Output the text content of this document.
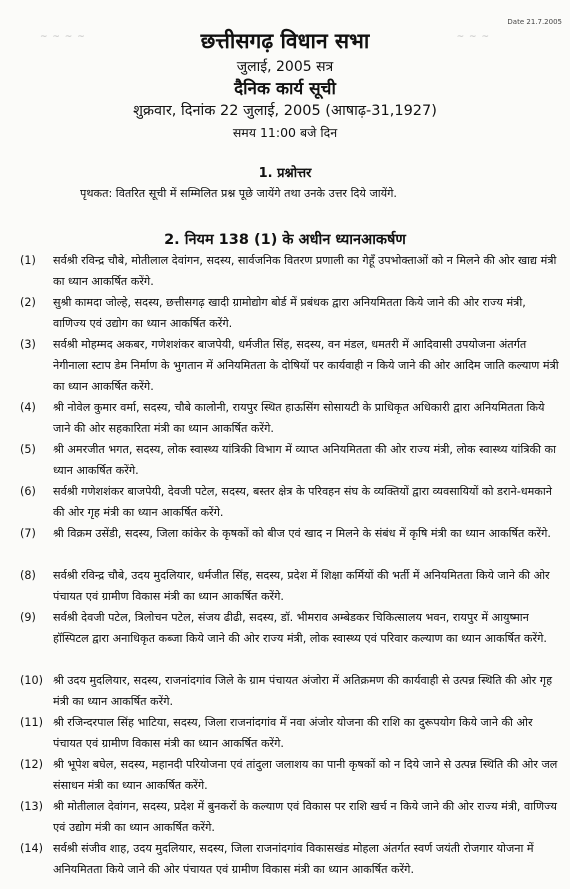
Date 21.7.2005
~ ~ ~ ~	~ ~ ~
छत्तीसगढ़ विधान सभा
जुलाई, 2005 सत्र
दैनिक कार्य सूची
शुक्रवार, दिनांक 22 जुलाई, 2005 (आषाढ़-31,1927)
समय 11:00 बजे दिन
1. प्रश्नोत्तर
पृथकत: वितरित सूची में सम्मिलित प्रश्न पूछे जायेंगे तथा उनके उत्तर दिये जायेंगे.
2. नियम 138 (1) के अधीन ध्यानआकर्षण
(1)	सर्वश्री रविन्द्र चौबे, मोतीलाल देवांगन, सदस्य, सार्वजनिक वितरण प्रणाली का गेहूँ उपभोक्ताओं को न मिलने की ओर खाद्य मंत्री का ध्यान आकर्षित करेंगे.
(2)	सुश्री कामदा जोल्हे, सदस्य, छत्तीसगढ़ खादी ग्रामोद्योग बोर्ड में प्रबंधक द्वारा अनियमितता किये जाने की ओर राज्य मंत्री, वाणिज्य एवं उद्योग का ध्यान आकर्षित करेंगे.
(3)	सर्वश्री मोहम्मद अकबर, गणेशशंकर बाजपेयी, धर्मजीत सिंह, सदस्य, वन मंडल, धमतरी में आदिवासी उपयोजना अंतर्गत नेगीनाला स्टाप डेम निर्माण के भुगतान में अनियमितता के दोषियों पर कार्यवाही न किये जाने की ओर आदिम जाति कल्याण मंत्री का ध्यान आकर्षित करेंगे.
(4)	श्री नोवेल कुमार वर्मा, सदस्य, चौबे कालोनी, रायपुर स्थित हाऊसिंग सोसायटी के प्राधिकृत अधिकारी द्वारा अनियमितता किये जाने की ओर सहकारिता मंत्री का ध्यान आकर्षित करेंगे.
(5)	श्री अमरजीत भगत, सदस्य, लोक स्वास्थ्य यांत्रिकी विभाग में व्याप्त अनियमितता की ओर राज्य मंत्री, लोक स्वास्थ्य यांत्रिकी का ध्यान आकर्षित करेंगे.
(6)	सर्वश्री गणेशशंकर बाजपेयी, देवजी पटेल, सदस्य, बस्तर क्षेत्र के परिवहन संघ के व्यक्तियों द्वारा व्यवसायियों को डराने-धमकाने की ओर गृह मंत्री का ध्यान आकर्षित करेंगे.
(7)	श्री विक्रम उसेंडी, सदस्य, जिला कांकेर के कृषकों को बीज एवं खाद न मिलने के संबंध में कृषि मंत्री का ध्यान आकर्षित करेंगे.
(8)	सर्वश्री रविन्द्र चौबे, उदय मुदलियार, धर्मजीत सिंह, सदस्य, प्रदेश में शिक्षा कर्मियों की भर्ती में अनियमितता किये जाने की ओर पंचायत एवं ग्रामीण विकास मंत्री का ध्यान आकर्षित करेंगे.
(9)	सर्वश्री देवजी पटेल, त्रिलोचन पटेल, संजय ढीढी, सदस्य, डॉ. भीमराव अम्बेडकर चिकित्सालय भवन, रायपुर में आयुष्मान हॉस्पिटल द्वारा अनाधिकृत कब्जा किये जाने की ओर राज्य मंत्री, लोक स्वास्थ्य एवं परिवार कल्याण का ध्यान आकर्षित करेंगे.
(10) श्री उदय मुदलियार, सदस्य, राजनांदगांव जिले के ग्राम पंचायत अंजोरा में अतिक्रमण की कार्यवाही से उत्पन्न स्थिति की ओर गृह मंत्री का ध्यान आकर्षित करेंगे.
(11) श्री रजिन्दरपाल सिंह भाटिया, सदस्य, जिला राजनांदगांव में नवा अंजोर योजना की राशि का दुरूपयोग किये जाने की ओर पंचायत एवं ग्रामीण विकास मंत्री का ध्यान आकर्षित करेंगे.
(12) श्री भूपेश बघेल, सदस्य, महानदी परियोजना एवं तांदुला जलाशय का पानी कृषकों को न दिये जाने से उत्पन्न स्थिति की ओर जल संसाधन मंत्री का ध्यान आकर्षित करेंगे.
(13) श्री मोतीलाल देवांगन, सदस्य, प्रदेश में बुनकरों के कल्याण एवं विकास पर राशि खर्च न किये जाने की ओर राज्य मंत्री, वाणिज्य एवं उद्योग मंत्री का ध्यान आकर्षित करेंगे.
(14) सर्वश्री संजीव शाह, उदय मुदलियार, सदस्य, जिला राजनांदगांव विकासखंड मोहला अंतर्गत स्वर्ण जयंती रोजगार योजना में अनियमितता किये जाने की ओर पंचायत एवं ग्रामीण विकास मंत्री का ध्यान आकर्षित करेंगे.
